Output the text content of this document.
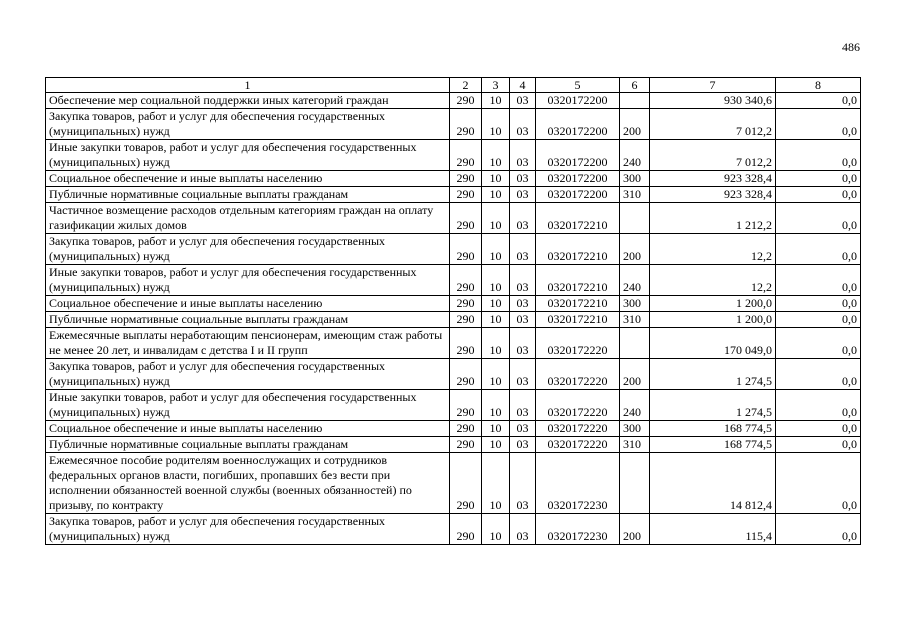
486
1	2	3	4	5	6	7	8
Обеспечение мер социальной поддержки иных категорий граждан	290	10	03	0320172200		930 340,6	0,0
Закупка товаров, работ и услуг для обеспечения государственных (муниципальных) нужд	290	10	03	0320172200	200	7 012,2	0,0
Иные закупки товаров, работ и услуг для обеспечения государственных (муниципальных) нужд	290	10	03	0320172200	240	7 012,2	0,0
Социальное обеспечение и иные выплаты населению	290	10	03	0320172200	300	923 328,4	0,0
Публичные нормативные социальные выплаты гражданам	290	10	03	0320172200	310	923 328,4	0,0
Частичное возмещение расходов отдельным категориям граждан на оплату газификации жилых домов	290	10	03	0320172210		1 212,2	0,0
Закупка товаров, работ и услуг для обеспечения государственных (муниципальных) нужд	290	10	03	0320172210	200	12,2	0,0
Иные закупки товаров, работ и услуг для обеспечения государственных (муниципальных) нужд	290	10	03	0320172210	240	12,2	0,0
Социальное обеспечение и иные выплаты населению	290	10	03	0320172210	300	1 200,0	0,0
Публичные нормативные социальные выплаты гражданам	290	10	03	0320172210	310	1 200,0	0,0
Ежемесячные выплаты неработающим пенсионерам, имеющим стаж работы не менее 20 лет, и инвалидам с детства I и II групп	290	10	03	0320172220		170 049,0	0,0
Закупка товаров, работ и услуг для обеспечения государственных (муниципальных) нужд	290	10	03	0320172220	200	1 274,5	0,0
Иные закупки товаров, работ и услуг для обеспечения государственных (муниципальных) нужд	290	10	03	0320172220	240	1 274,5	0,0
Социальное обеспечение и иные выплаты населению	290	10	03	0320172220	300	168 774,5	0,0
Публичные нормативные социальные выплаты гражданам	290	10	03	0320172220	310	168 774,5	0,0
Ежемесячное пособие родителям военнослужащих и сотрудников федеральных органов власти, погибших, пропавших без вести при исполнении обязанностей военной службы (военных обязанностей) по призыву, по контракту	290	10	03	0320172230		14 812,4	0,0
Закупка товаров, работ и услуг для обеспечения государственных (муниципальных) нужд	290	10	03	0320172230	200	115,4	0,0
